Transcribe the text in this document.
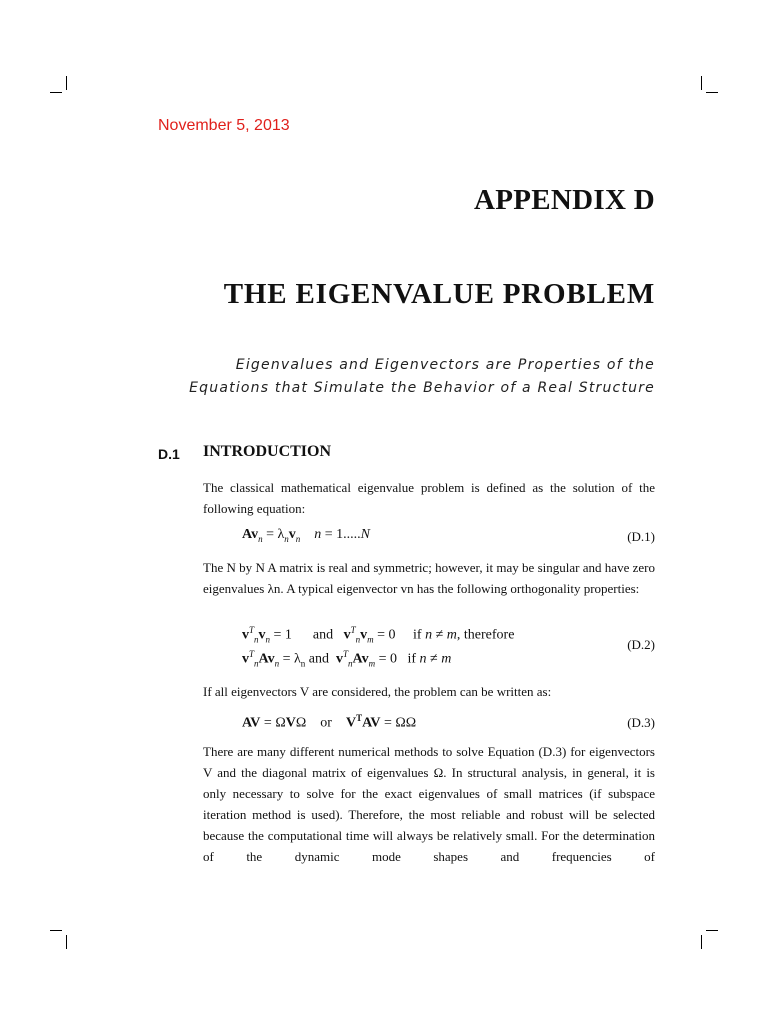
November 5, 2013
APPENDIX D
THE EIGENVALUE PROBLEM
Eigenvalues and Eigenvectors are Properties of the
Equations that Simulate the Behavior of a Real Structure
D.1 INTRODUCTION
The classical mathematical eigenvalue problem is defined as the solution of the following equation:
$Av_n = \lambda_nv_n$ n = 1.....N	(D.1)
The N by N A matrix is real and symmetric; however, it may be singular and have zero eigenvalues λn. A typical eigenvector vn has the following orthogonality properties:
$v^T_nv_n = 1$      and   $v^T_nv_m = 0$     if n ≠ m, therefore
$v^T_nAv_n = \lambda_n$ and  $v^T_nAv_m = 0$   if n ≠ m
(D.2)
If all eigenvectors V are considered, the problem can be written as:
AV = ΩVΩ    or    $V^TAV = \Omega\Omega$	(D.3)
There are many different numerical methods to solve Equation (D.3) for eigenvectors V and the diagonal matrix of eigenvalues Ω. In structural analysis, in general, it is only necessary to solve for the exact eigenvalues of small matrices (if subspace iteration method is used). Therefore, the most reliable and robust will be selected because the computational time will always be relatively small. For the determination of the dynamic mode shapes and frequencies of
